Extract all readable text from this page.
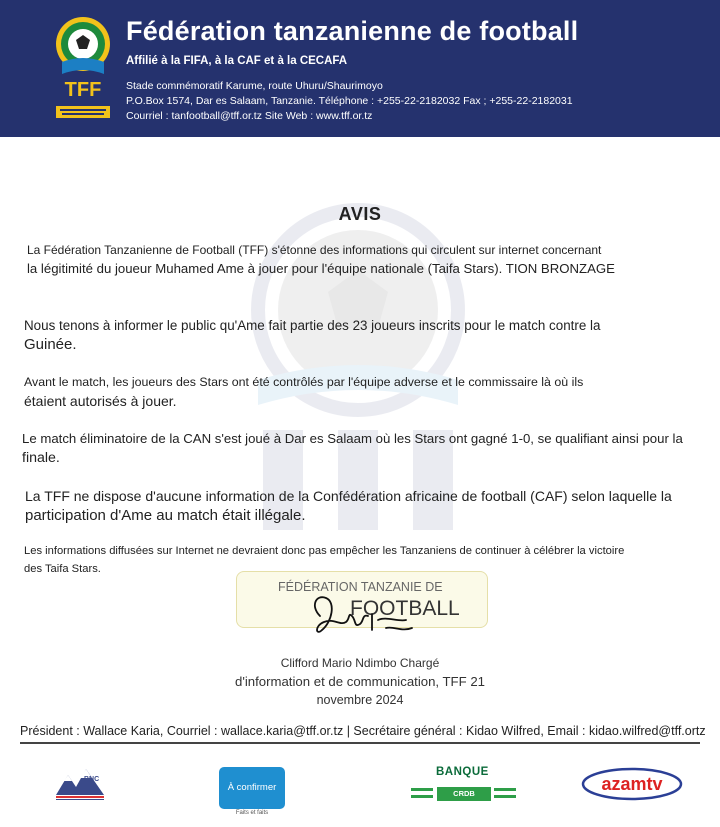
TFF
Fédération tanzanienne de football
Affilié à la FIFA, à la CAF et à la CECAFA
Stade commémoratif Karume, route Uhuru/Shaurimoyo
P.O.Box 1574, Dar es Salaam, Tanzanie. Téléphone : +255-22-2182032 Fax ; +255-22-2182031
Courriel : tanfootball@tff.or.tz Site Web : www.tff.or.tz
AVIS
La Fédération Tanzanienne de Football (TFF) s'étonne des informations qui circulent sur internet concernant
la légitimité du joueur Muhamed Ame à jouer pour l'équipe nationale (Taifa Stars). TION BRONZAGE
Nous tenons à informer le public qu'Ame fait partie des 23 joueurs inscrits pour le match contre la
Guinée.
Avant le match, les joueurs des Stars ont été contrôlés par l'équipe adverse et le commissaire là où ils
étaient autorisés à jouer.
Le match éliminatoire de la CAN s'est joué à Dar es Salaam où les Stars ont gagné 1-0, se qualifiant ainsi pour la
finale.
La TFF ne dispose d'aucune information de la Confédération africaine de football (CAF) selon laquelle la
participation d'Ame au match était illégale.
Les informations diffusées sur Internet ne devraient donc pas empêcher les Tanzaniens de continuer à célébrer la victoire
des Taifa Stars.
FÉDÉRATION TANZANIE DE
FOOTBALL
Clifford Mario Ndimbo Chargé
d'information et de communication, TFF 21
novembre 2024
Président : Wallace Karia, Courriel : wallace.karia@tff.or.tz | Secrétaire général : Kidao Wilfred, Email : kidao.wilfred@tff.ortz
BNC
À confirmer
Faits et faits
BANQUE
CRDB	azamtv
